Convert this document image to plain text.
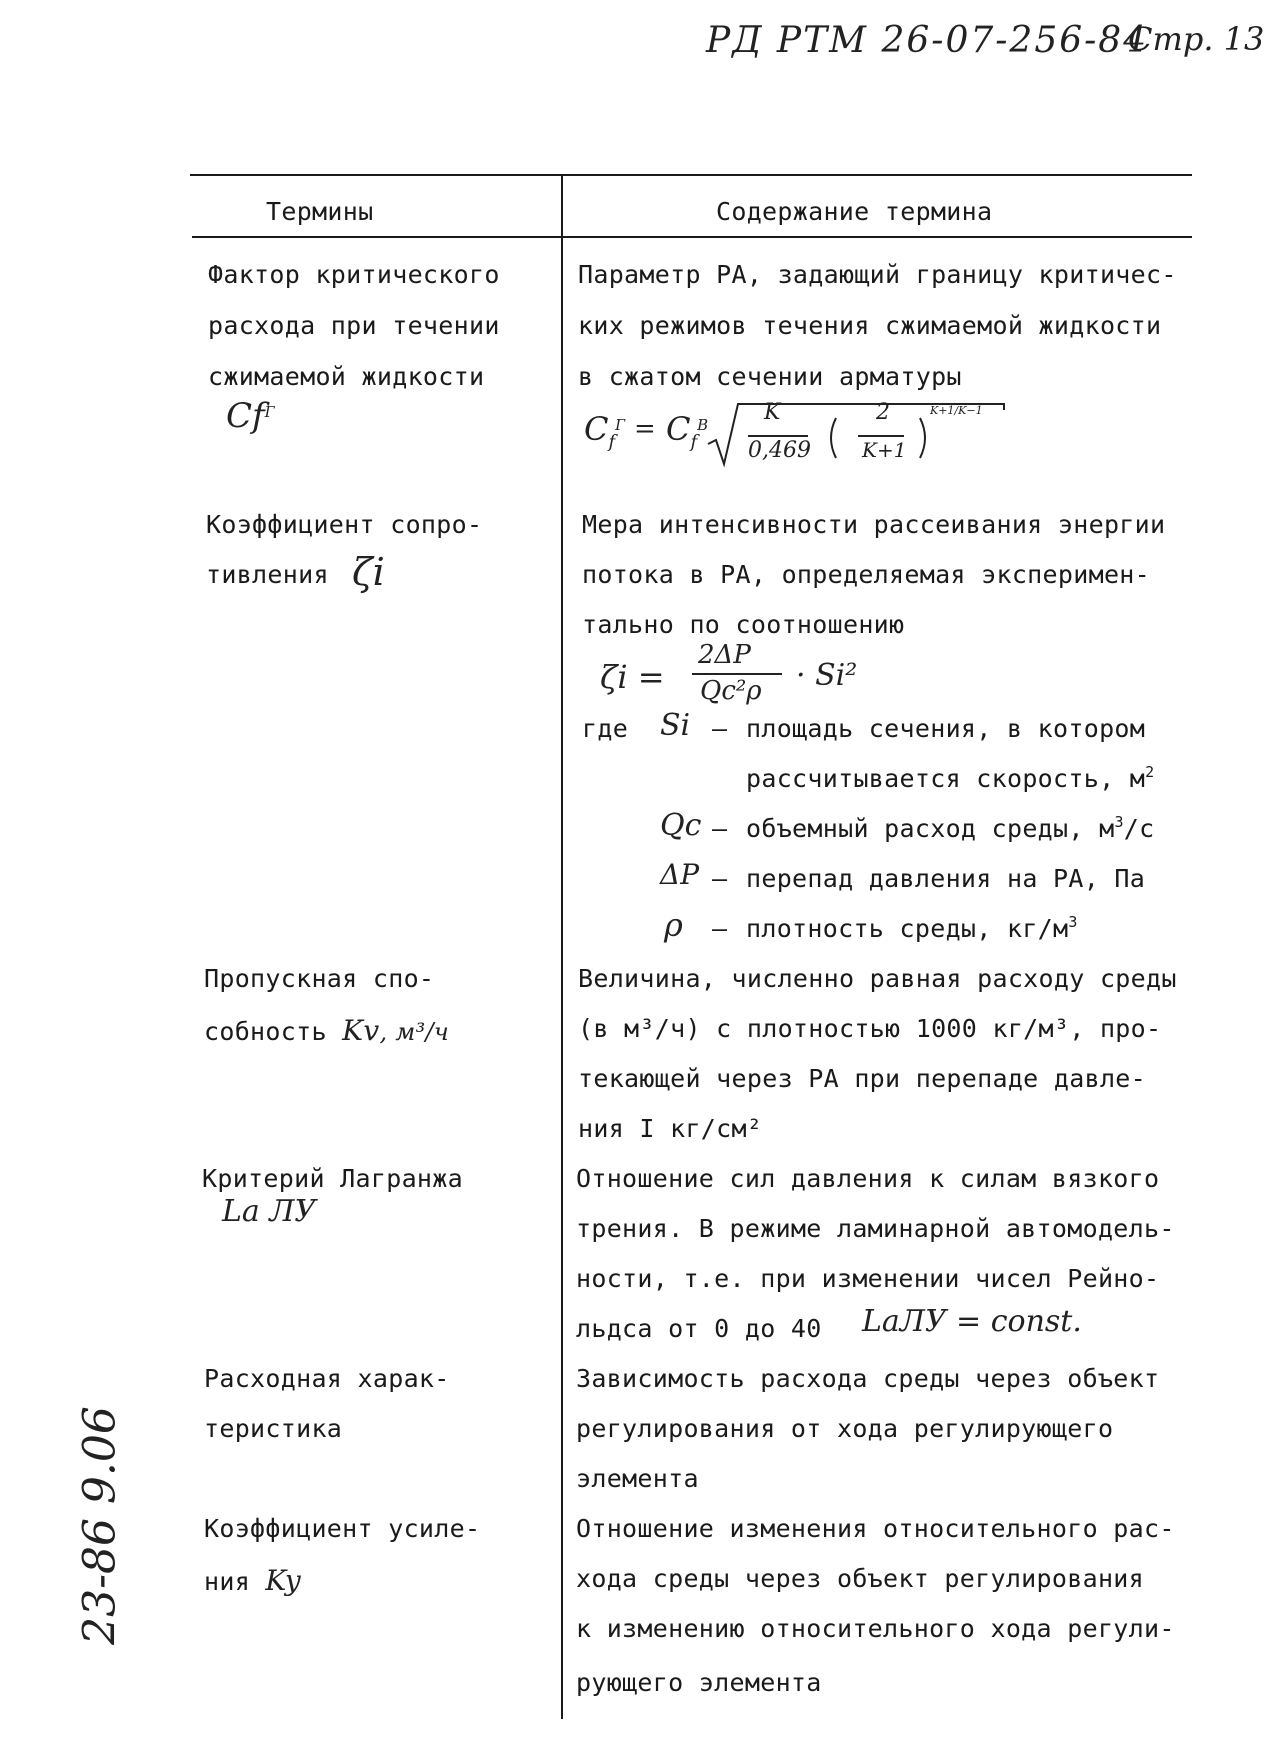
РД РТМ 26-07-256-84
Стр. 13
Термины	Содержание термина
Фактор критического
расхода при течении
сжимаемой жидкости
$Cf^Г$
Параметр РА, задающий границу критичес-
ких режимов течения сжимаемой жидкости
в сжатом сечении арматуры
$C_f^Г = C_f^В$	K
0,469
2
K+1
K+1/K−1
Коэффициент сопро-
тивления ζi
Мера интенсивности рассеивания энергии
потока в РА, определяемая эксперимен-
тально по соотношению
ζi =
2ΔP
Qc²ρ · Si²
где Si – площадь сечения, в котором
рассчитывается скорость, $м^2$
Qc – объемный расход среды, $м^3/с$
ΔP – перепад давления на РА, Па
ρ – плотность среды, $кг/м^3$
Пропускная спо-
собность Kv, м³/ч
Величина, численно равная расходу среды
(в м³/ч) с плотностью 1000 кг/м³, про-
текающей через РА при перепаде давле-
ния I кг/см²
Критерий Лагранжа
La ЛУ
Отношение сил давления к силам вязкого
трения. В режиме ламинарной автомодель-
ности, т.е. при изменении чисел Рейно-
льдса от 0 до 40 LaЛУ = const.
Расходная харак-
теристика
Зависимость расхода среды через объект
регулирования от хода регулирующего
элемента
Коэффициент усиле-
ния Ky
Отношение изменения относительного рас-
хода среды через объект регулирования
к изменению относительного хода регули-
рующего элемента
23-86 9.06
